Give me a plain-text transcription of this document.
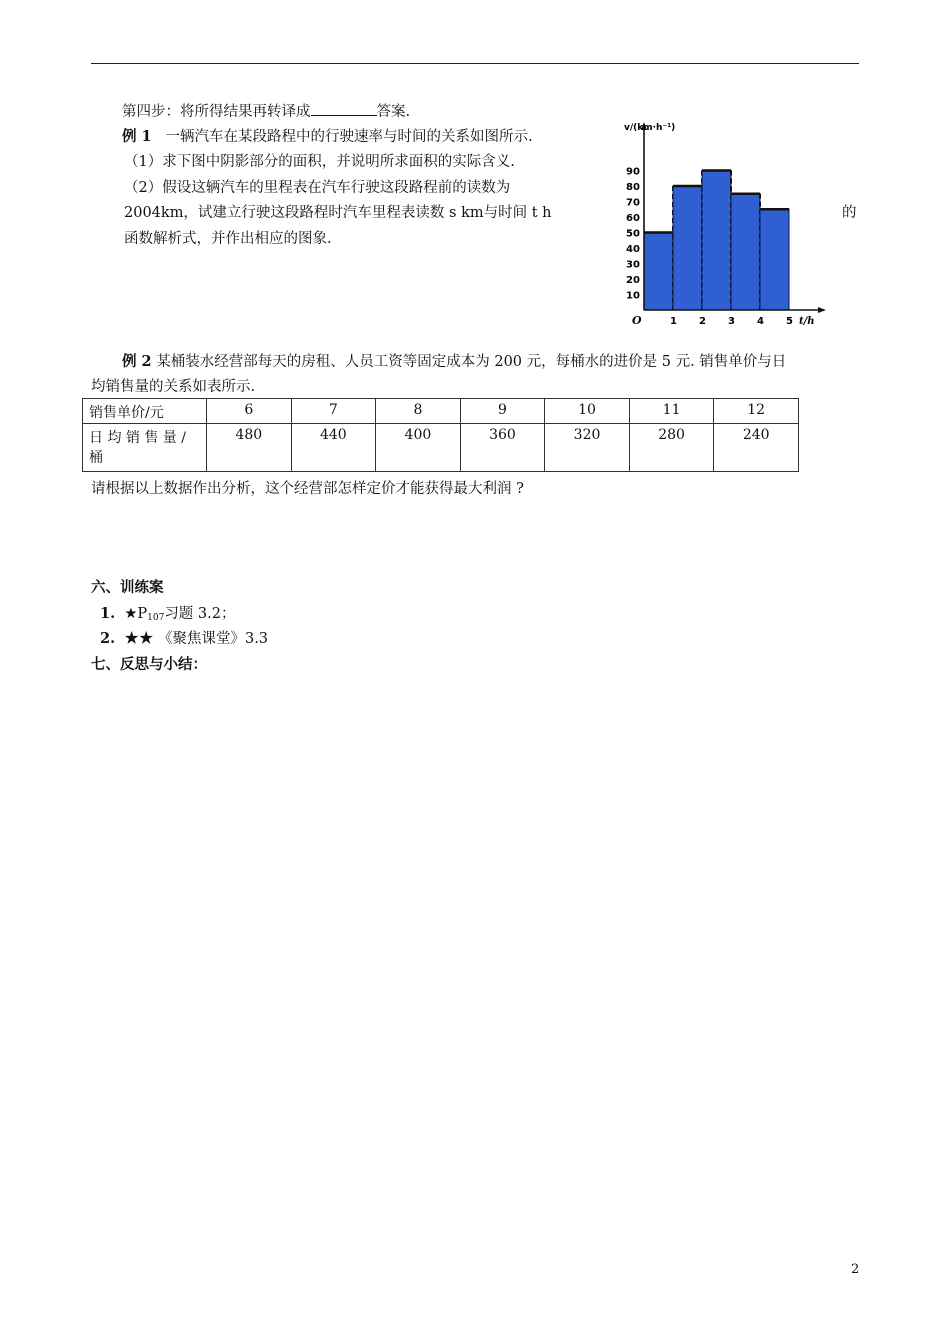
第四步：将所得结果再转译成	答案.
例 1 一辆汽车在某段路程中的行驶速率与时间的关系如图所示.
（1）求下图中阴影部分的面积，并说明所求面积的实际含义.
（2）假设这辆汽车的里程表在汽车行驶这段路程前的读数为
2004km，试建立行驶这段路程时汽车里程表读数 s km与时间 t h	的
函数解析式，并作出相应的图象.
v/(km·h⁻¹)
O	t/h
1 2 3 4 5
10
20
30
40
50
60
70
80
90
例 2 某桶装水经营部每天的房租、人员工资等固定成本为 200 元，每桶水的进价是 5 元. 销售单价与日
均销售量的关系如表所示.
销售单价/元	6	7	8	9	10	11	12

日 均 销 售 量 /
桶	480	440	400	360	320	280	240
请根据以上数据作出分析，这个经营部怎样定价才能获得最大利润 ?
六、训练案
1. $★P_{107}$习题 3.2；
2. ★★ 《聚焦课堂》3.3
七、反思与小结：
2
